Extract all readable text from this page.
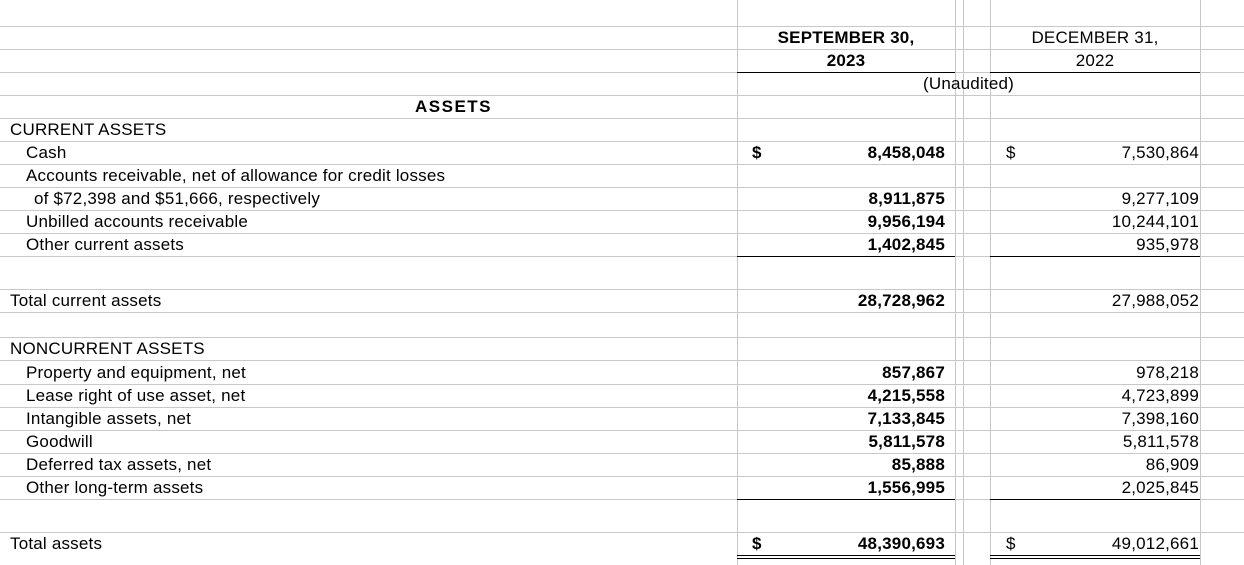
SEPTEMBER 30,	DECEMBER 31,
2023	2022
(Unaudited)
ASSETS
CURRENT ASSETS
Cash	$	8,458,048	$	7,530,864
Accounts receivable, net of allowance for credit losses
of $72,398 and $51,666, respectively	8,911,875	9,277,109
Unbilled accounts receivable	9,956,194	10,244,101
Other current assets	1,402,845	935,978
Total current assets	28,728,962	27,988,052
NONCURRENT ASSETS
Property and equipment, net	857,867	978,218
Lease right of use asset, net	4,215,558	4,723,899
Intangible assets, net	7,133,845	7,398,160
Goodwill	5,811,578	5,811,578
Deferred tax assets, net	85,888	86,909
Other long-term assets	1,556,995	2,025,845
Total assets	$	48,390,693	$	49,012,661
